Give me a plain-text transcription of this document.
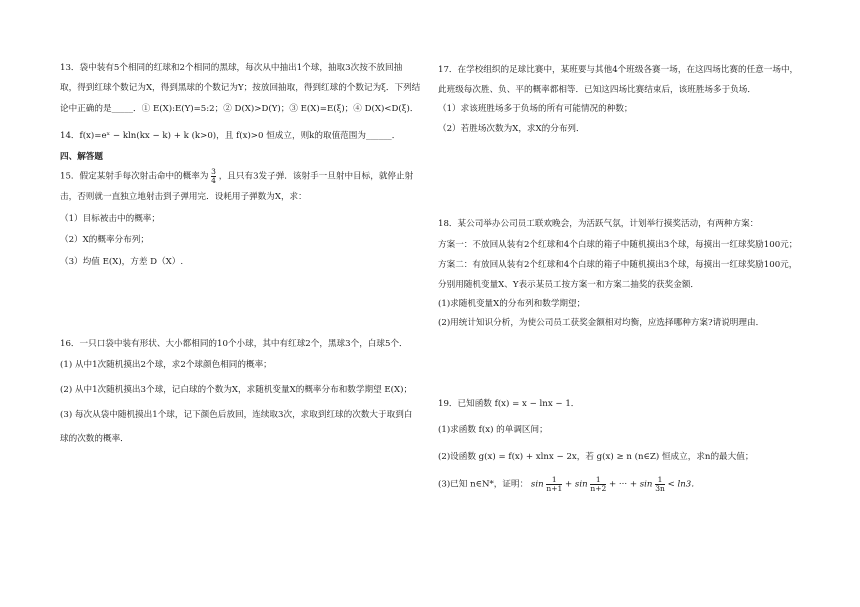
13．袋中装有5个相同的红球和2个相同的黑球，每次从中抽出1个球，抽取3次按不放回抽
取，得到红球个数记为X，得到黑球的个数记为Y；按放回抽取，得到红球的个数记为ξ．下列结
论中正确的是_____．① E(X):E(Y)=5:2；② D(X)>D(Y)；③ E(X)=E(ξ)；④ D(X)<D(ξ)．
14．f(x)=eˣ − kln(kx − k) + k (k>0)，且 f(x)>0 恒成立，则k的取值范围为______．
四、解答题
15．假定某射手每次射击命中的概率为 $\frac{3}{4}$ ，且只有3发子弹．该射手一旦射中目标，就停止射
击，否则就一直独立地射击到子弹用完．设耗用子弹数为X，求：
（1）目标被击中的概率；
（2）X的概率分布列；
（3）均值 E(X)，方差 D（X）.
16．一只口袋中装有形状、大小都相同的10个小球，其中有红球2个，黑球3个，白球5个．
(1) 从中1次随机摸出2个球，求2个球颜色相同的概率；
(2) 从中1次随机摸出3个球，记白球的个数为X，求随机变量X的概率分布和数学期望 E(X)；
(3) 每次从袋中随机摸出1个球，记下颜色后放回，连续取3次，求取到红球的次数大于取到白
球的次数的概率．
17．在学校组织的足球比赛中，某班要与其他4个班级各赛一场，在这四场比赛的任意一场中，
此班级每次胜、负、平的概率都相等．已知这四场比赛结束后，该班胜场多于负场．
（1）求该班胜场多于负场的所有可能情况的种数；
（2）若胜场次数为X，求X的分布列．
18．某公司举办公司员工联欢晚会，为活跃气氛，计划举行摸奖活动，有两种方案：
方案一：不放回从装有2个红球和4个白球的箱子中随机摸出3个球，每摸出一红球奖励100元；
方案二：有放回从装有2个红球和4个白球的箱子中随机摸出3个球，每摸出一红球奖励100元，
分别用随机变量X、Y表示某员工按方案一和方案二抽奖的获奖金额．
(1)求随机变量X的分布列和数学期望；
(2)用统计知识分析，为使公司员工获奖金额相对均衡，应选择哪种方案?请说明理由．
19．已知函数 f(x) = x − lnx − 1．
(1)求函数 f(x) 的单调区间；
(2)设函数 g(x) = f(x) + xlnx − 2x，若 g(x) ≥ n (n∈Z) 恒成立，求n的最大值；
(3)已知 n∈N*，证明： $\sin \frac{1}{n+1} + \sin \frac{1}{n+2}$ + ··· + $\sin \frac{1}{3n} < \ln 3$．
